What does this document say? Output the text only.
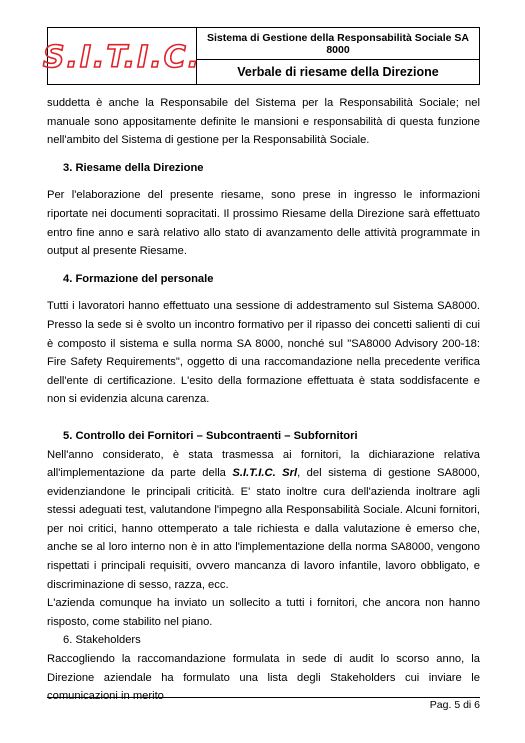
S.I.T.I.C.
Sistema di Gestione della Responsabilità Sociale SA 8000
Verbale di riesame della Direzione

suddetta è anche la Responsabile del Sistema per la Responsabilità Sociale; nel manuale sono appositamente definite le mansioni e responsabilità di questa funzione nell'ambito del Sistema di gestione per la Responsabilità Sociale.

3. Riesame della Direzione

Per l'elaborazione del presente riesame, sono prese in ingresso le informazioni riportate nei documenti sopracitati. Il prossimo Riesame della Direzione sarà effettuato entro fine anno e sarà relativo allo stato di avanzamento delle attività programmate in output al presente Riesame.

4. Formazione del personale

Tutti i lavoratori hanno effettuato una sessione di addestramento sul Sistema SA8000. Presso la sede si è svolto un incontro formativo per il ripasso dei concetti salienti di cui è composto il sistema e sulla norma SA 8000, nonché sul "SA8000 Advisory 200-18: Fire Safety Requirements", oggetto di una raccomandazione nella precedente verifica dell'ente di certificazione. L'esito della formazione effettuata è stata soddisfacente e non si evidenzia alcuna carenza.

5. Controllo dei Fornitori – Subcontraenti – Subfornitori

Nell'anno considerato, è stata trasmessa ai fornitori, la dichiarazione relativa all'implementazione da parte della S.I.T.I.C. Srl, del sistema di gestione SA8000, evidenziandone le principali criticità. E' stato inoltre cura dell'azienda inoltrare agli stessi adeguati test, valutandone l'impegno alla Responsabilità Sociale. Alcuni fornitori, per noi critici, hanno ottemperato a tale richiesta e dalla valutazione è emerso che, anche se al loro interno non è in atto l'implementazione della norma SA8000, vengono rispettati i principali requisiti, ovvero mancanza di lavoro infantile, lavoro obbligato, e discriminazione di sesso, razza, ecc.

L'azienda comunque ha inviato un sollecito a tutti i fornitori, che ancora non hanno risposto, come stabilito nel piano.

6. Stakeholders

Raccogliendo la raccomandazione formulata in sede di audit lo scorso anno, la Direzione aziendale ha formulato una lista degli Stakeholders cui inviare le comunicazioni in merito

Pag. 5 di 6
